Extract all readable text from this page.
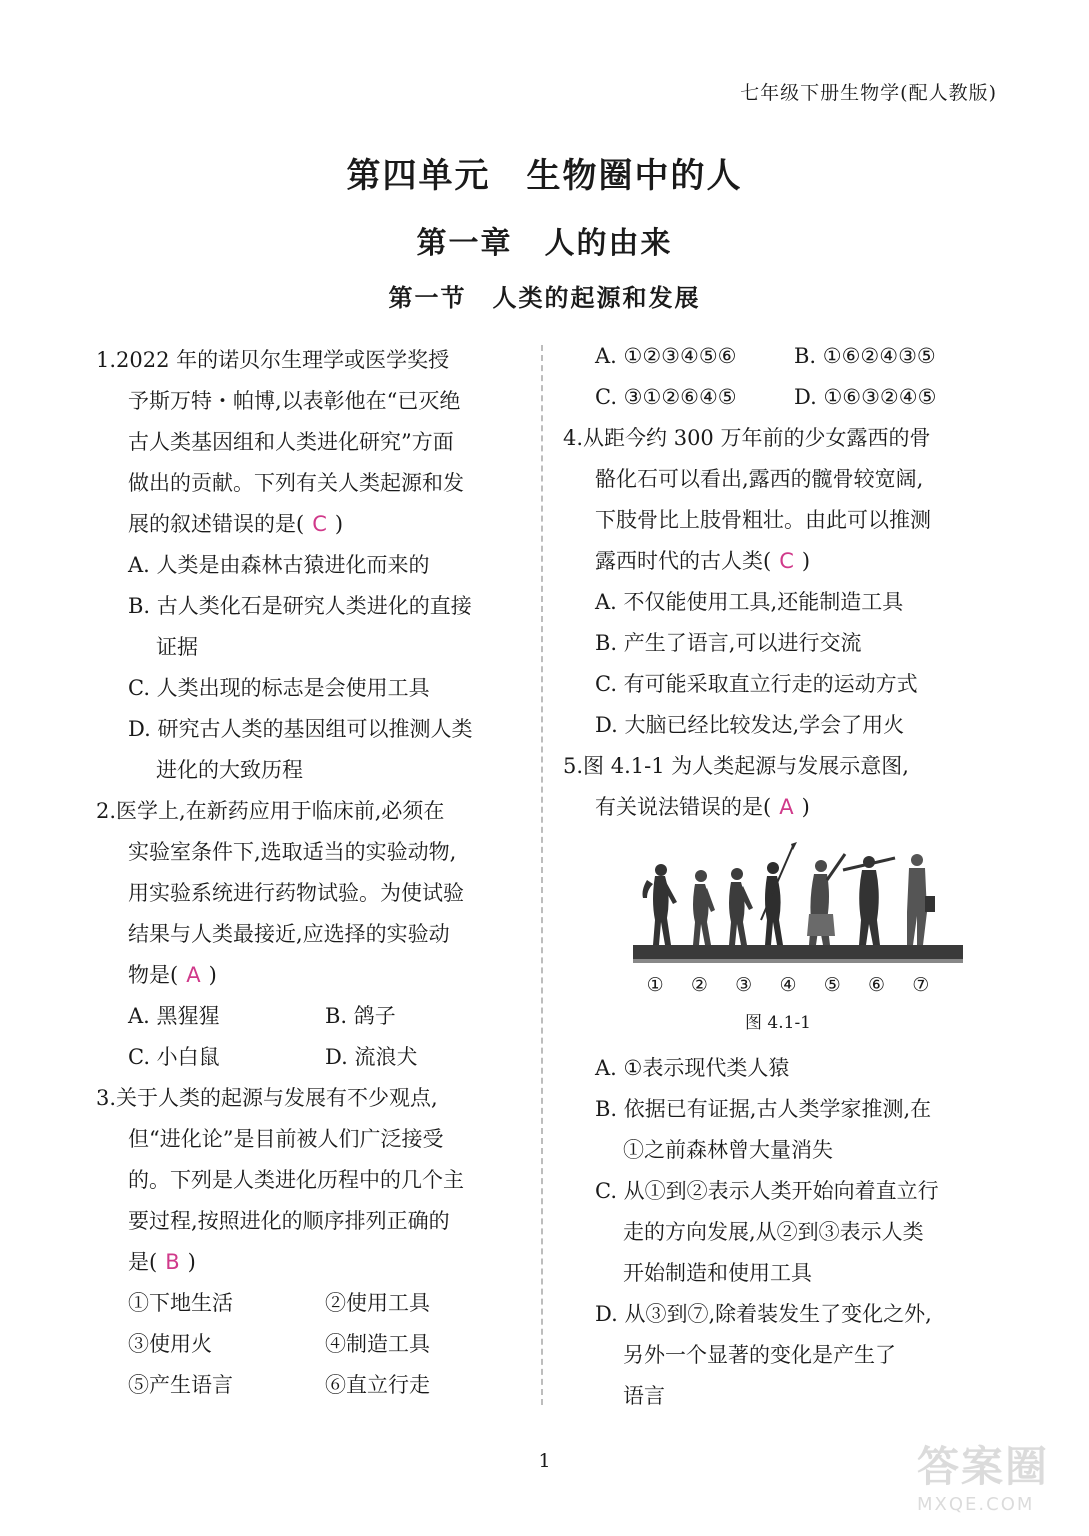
七年级下册生物学(配人教版)
第四单元　生物圈中的人
第一章　人的由来
第一节　人类的起源和发展
1.2022 年的诺贝尔生理学或医学奖授
予斯万特・帕博,以表彰他在“已灭绝
古人类基因组和人类进化研究”方面
做出的贡献。下列有关人类起源和发
展的叙述错误的是( C )
A. 人类是由森林古猿进化而来的
B. 古人类化石是研究人类进化的直接
证据
C. 人类出现的标志是会使用工具
D. 研究古人类的基因组可以推测人类
进化的大致历程
2.医学上,在新药应用于临床前,必须在
实验室条件下,选取适当的实验动物,
用实验系统进行药物试验。为使试验
结果与人类最接近,应选择的实验动
物是( A )
A. 黑猩猩	B. 鸽子
C. 小白鼠	D. 流浪犬
3.关于人类的起源与发展有不少观点,
但“进化论”是目前被人们广泛接受
的。下列是人类进化历程中的几个主
要过程,按照进化的顺序排列正确的
是( B )
①下地生活	②使用工具
③使用火	④制造工具
⑤产生语言	⑥直立行走
A. ①②③④⑤⑥	B. ①⑥②④③⑤
C. ③①②⑥④⑤	D. ①⑥③②④⑤
4.从距今约 300 万年前的少女露西的骨
骼化石可以看出,露西的髋骨较宽阔,
下肢骨比上肢骨粗壮。由此可以推测
露西时代的古人类( C )
A. 不仅能使用工具,还能制造工具
B. 产生了语言,可以进行交流
C. 有可能采取直立行走的运动方式
D. 大脑已经比较发达,学会了用火
5.图 4.1-1 为人类起源与发展示意图,
有关说法错误的是( A )
① ② ③ ④ ⑤ ⑥ ⑦
图 4.1-1
A. ①表示现代类人猿
B. 依据已有证据,古人类学家推测,在
①之前森林曾大量消失
C. 从①到②表示人类开始向着直立行
走的方向发展,从②到③表示人类
开始制造和使用工具
D. 从③到⑦,除着装发生了变化之外,
另外一个显著的变化是产生了
语言
1	答案圈
MXQE.COM
